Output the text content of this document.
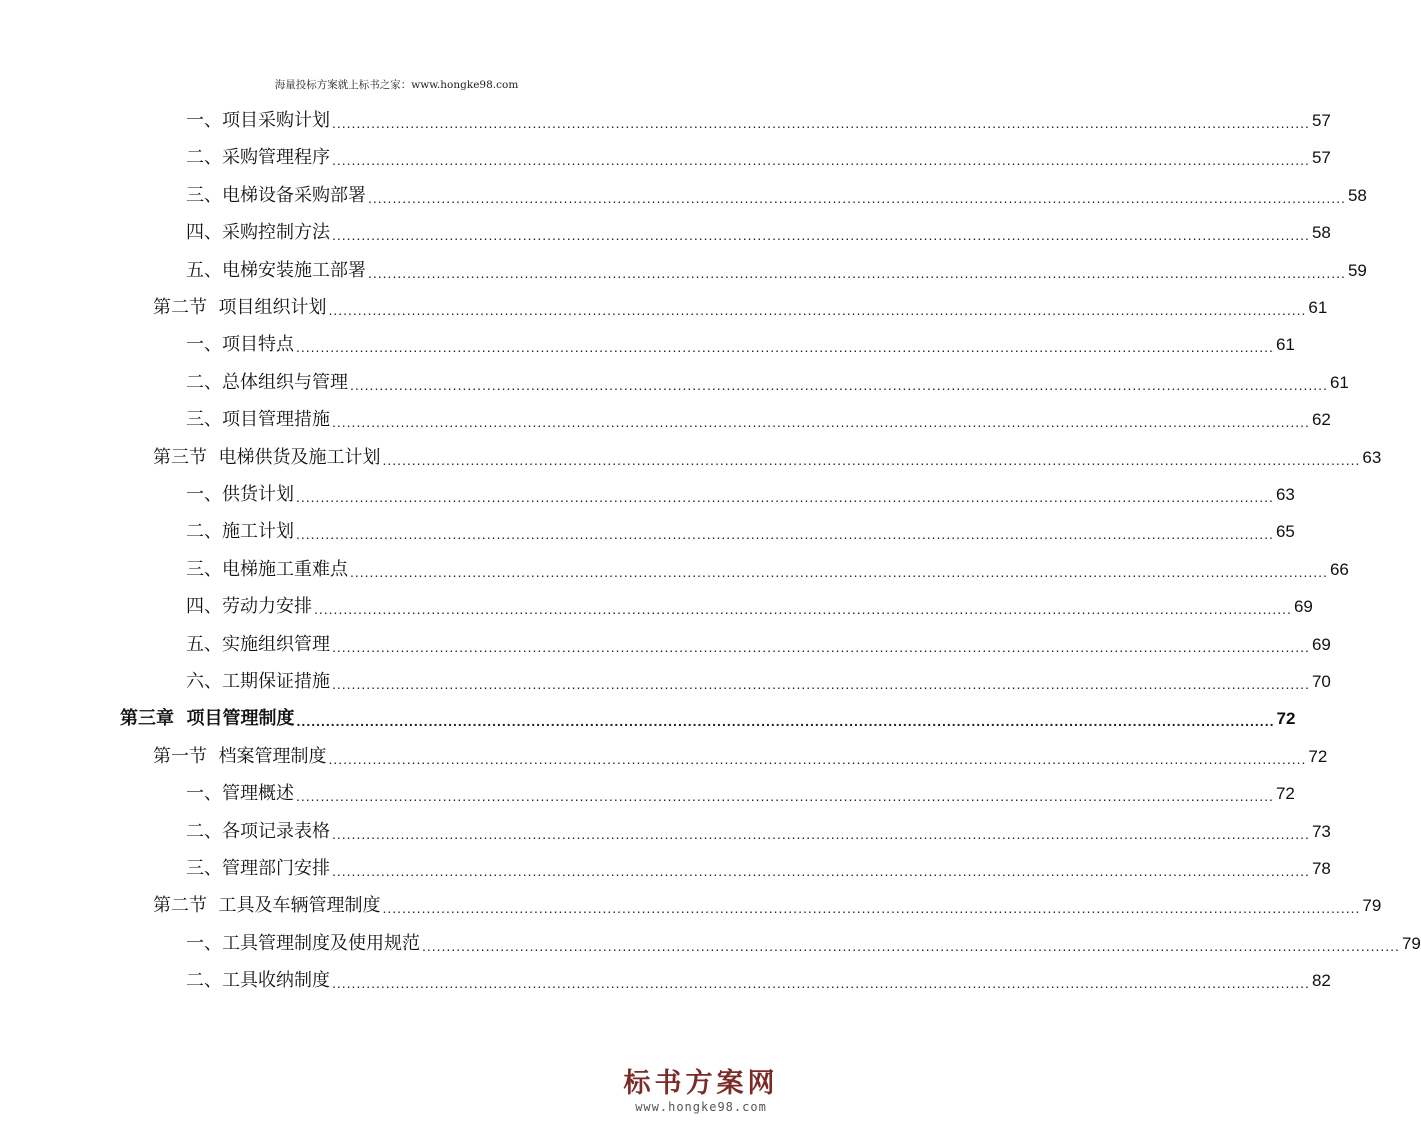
海量投标方案就上标书之家：www.hongke98.com
一、项目采购计划 ........................................................................................................................................................................................................ 57
二、采购管理程序 ........................................................................................................................................................................................................ 57
三、电梯设备采购部署 ........................................................................................................................................................................................................ 58
四、采购控制方法 ........................................................................................................................................................................................................ 58
五、电梯安装施工部署 ........................................................................................................................................................................................................ 59
第二节  项目组织计划 ........................................................................................................................................................................................................ 61
一、项目特点 ........................................................................................................................................................................................................ 61
二、总体组织与管理 ........................................................................................................................................................................................................ 61
三、项目管理措施 ........................................................................................................................................................................................................ 62
第三节  电梯供货及施工计划 ........................................................................................................................................................................................................ 63
一、供货计划 ........................................................................................................................................................................................................ 63
二、施工计划 ........................................................................................................................................................................................................ 65
三、电梯施工重难点 ........................................................................................................................................................................................................ 66
四、劳动力安排 ........................................................................................................................................................................................................ 69
五、实施组织管理 ........................................................................................................................................................................................................ 69
六、工期保证措施 ........................................................................................................................................................................................................ 70
第三章  项目管理制度 ........................................................................................................................................................................................................ 72
第一节  档案管理制度 ........................................................................................................................................................................................................ 72
一、管理概述 ........................................................................................................................................................................................................ 72
二、各项记录表格 ........................................................................................................................................................................................................ 73
三、管理部门安排 ........................................................................................................................................................................................................ 78
第二节  工具及车辆管理制度 ........................................................................................................................................................................................................ 79
一、工具管理制度及使用规范 ........................................................................................................................................................................................................ 79
二、工具收纳制度 ........................................................................................................................................................................................................ 82
标书方案网
www.hongke98.com
